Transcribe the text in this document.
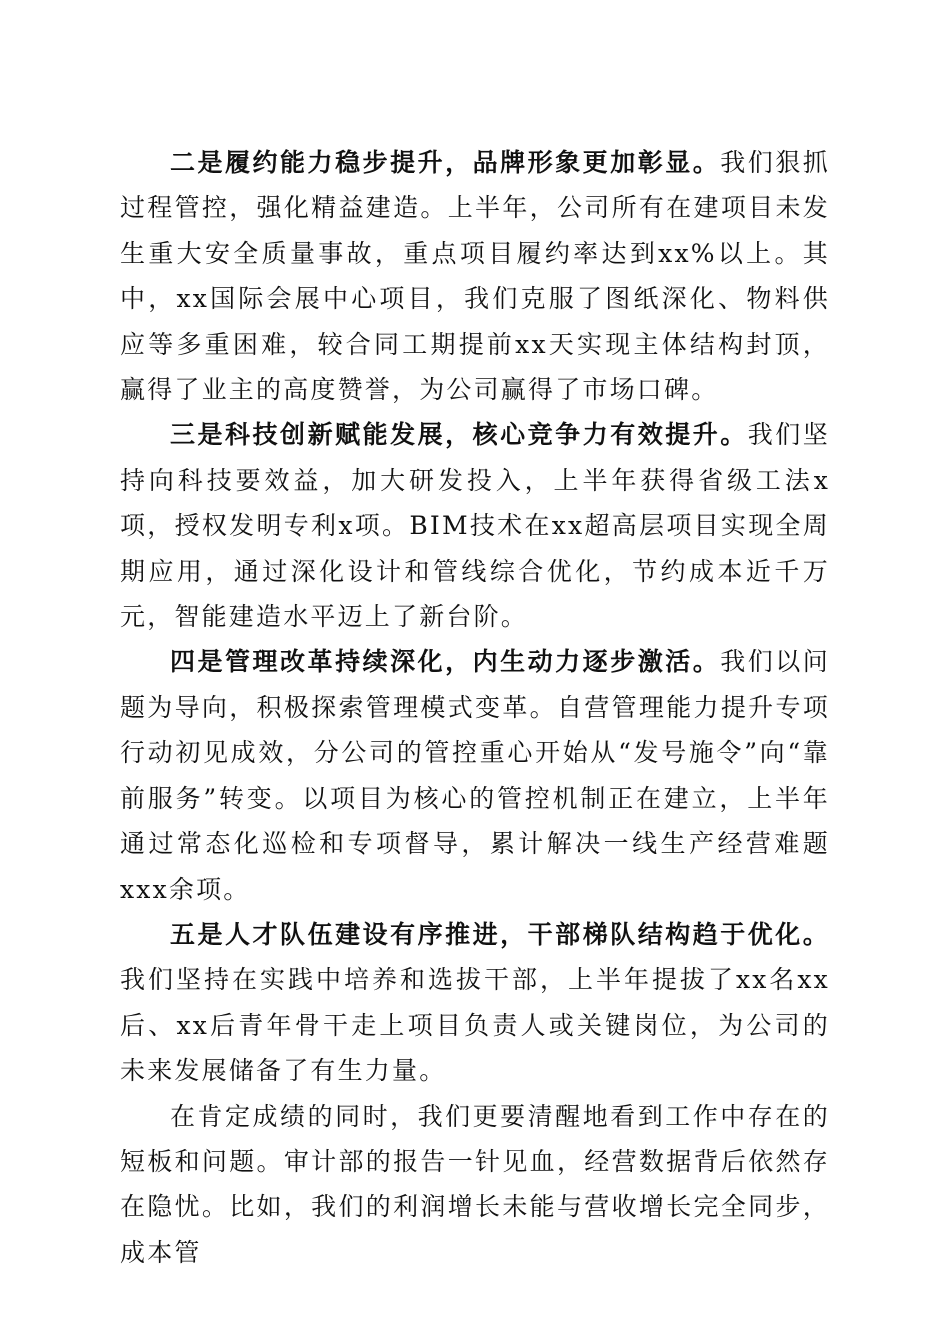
二是履约能力稳步提升，品牌形象更加彰显。我们狠抓过程管控，强化精益建造。上半年，公司所有在建项目未发生重大安全质量事故，重点项目履约率达到xx%以上。其中，xx国际会展中心项目，我们克服了图纸深化、物料供应等多重困难，较合同工期提前xx天实现主体结构封顶，赢得了业主的高度赞誉，为公司赢得了市场口碑。

三是科技创新赋能发展，核心竞争力有效提升。我们坚持向科技要效益，加大研发投入，上半年获得省级工法x项，授权发明专利x项。BIM技术在xx超高层项目实现全周期应用，通过深化设计和管线综合优化，节约成本近千万元，智能建造水平迈上了新台阶。

四是管理改革持续深化，内生动力逐步激活。我们以问题为导向，积极探索管理模式变革。自营管理能力提升专项行动初见成效，分公司的管控重心开始从“发号施令”向“靠前服务”转变。以项目为核心的管控机制正在建立，上半年通过常态化巡检和专项督导，累计解决一线生产经营难题xxx余项。

五是人才队伍建设有序推进，干部梯队结构趋于优化。我们坚持在实践中培养和选拔干部，上半年提拔了xx名xx后、xx后青年骨干走上项目负责人或关键岗位，为公司的未来发展储备了有生力量。

在肯定成绩的同时，我们更要清醒地看到工作中存在的短板和问题。审计部的报告一针见血，经营数据背后依然存在隐忧。比如，我们的利润增长未能与营收增长完全同步，成本管
